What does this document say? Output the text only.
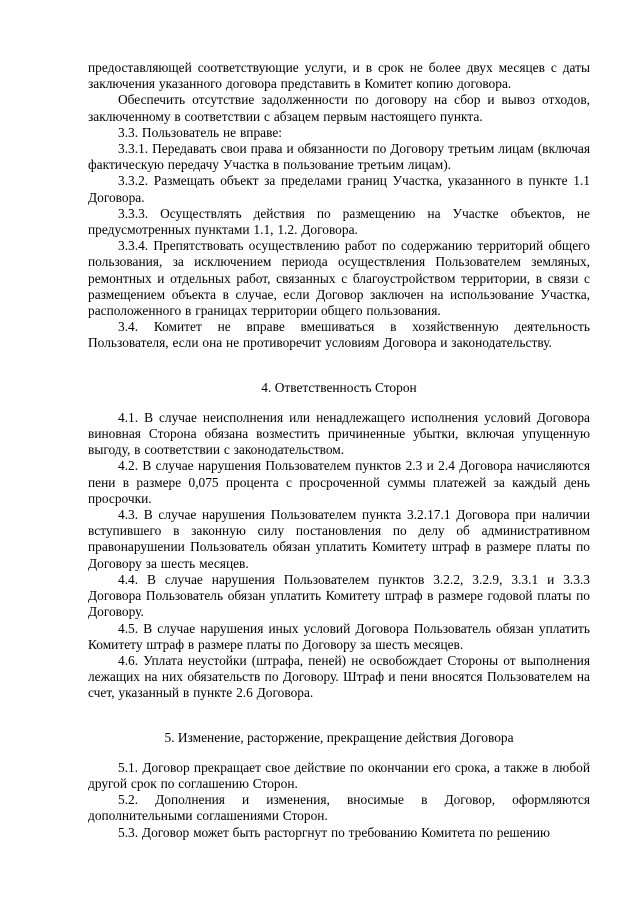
предоставляющей соответствующие услуги, и в срок не более двух месяцев с даты заключения указанного договора представить в Комитет копию договора.

Обеспечить отсутствие задолженности по договору на сбор и вывоз отходов, заключенному в соответствии с абзацем первым настоящего пункта.

3.3. Пользователь не вправе:

3.3.1. Передавать свои права и обязанности по Договору третьим лицам (включая фактическую передачу Участка в пользование третьим лицам).

3.3.2. Размещать объект за пределами границ Участка, указанного в пункте 1.1 Договора.

3.3.3. Осуществлять действия по размещению на Участке объектов, не предусмотренных пунктами 1.1, 1.2. Договора.

3.3.4. Препятствовать осуществлению работ по содержанию территорий общего пользования, за исключением периода осуществления Пользователем земляных, ремонтных и отдельных работ, связанных с благоустройством территории, в связи с размещением объекта в случае, если Договор заключен на использование Участка, расположенного в границах территории общего пользования.

3.4. Комитет не вправе вмешиваться в хозяйственную деятельность Пользователя, если она не противоречит условиям Договора и законодательству.

4. Ответственность Сторон

4.1. В случае неисполнения или ненадлежащего исполнения условий Договора виновная Сторона обязана возместить причиненные убытки, включая упущенную выгоду, в соответствии с законодательством.

4.2. В случае нарушения Пользователем пунктов 2.3 и 2.4 Договора начисляются пени в размере 0,075 процента с просроченной суммы платежей за каждый день просрочки.

4.3. В случае нарушения Пользователем пункта 3.2.17.1 Договора при наличии вступившего в законную силу постановления по делу об административном правонарушении Пользователь обязан уплатить Комитету штраф в размере платы по Договору за шесть месяцев.

4.4. В случае нарушения Пользователем пунктов 3.2.2, 3.2.9, 3.3.1 и 3.3.3 Договора Пользователь обязан уплатить Комитету штраф в размере годовой платы по Договору.

4.5. В случае нарушения иных условий Договора Пользователь обязан уплатить Комитету штраф в размере платы по Договору за шесть месяцев.

4.6. Уплата неустойки (штрафа, пеней) не освобождает Стороны от выполнения лежащих на них обязательств по Договору. Штраф и пени вносятся Пользователем на счет, указанный в пункте 2.6 Договора.

5. Изменение, расторжение, прекращение действия Договора

5.1. Договор прекращает свое действие по окончании его срока, а также в любой другой срок по соглашению Сторон.

5.2. Дополнения и изменения, вносимые в Договор, оформляются дополнительными соглашениями Сторон.

5.3. Договор может быть расторгнут по требованию Комитета по решению
